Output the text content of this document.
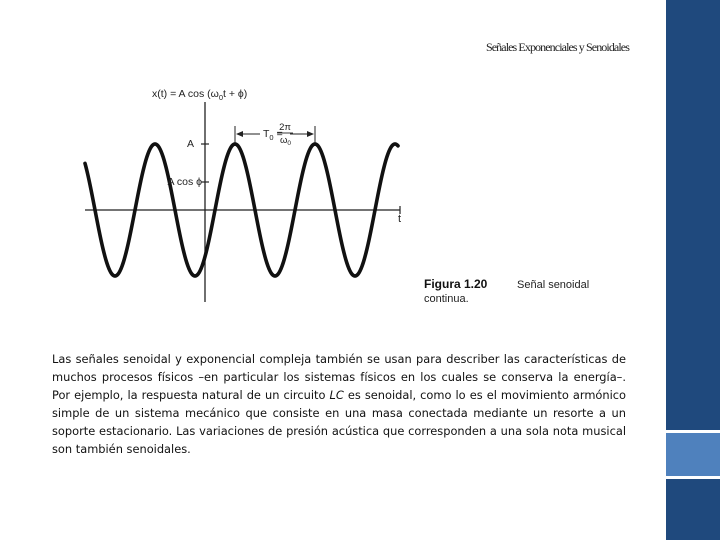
Señales Exponenciales y Senoidales
x(t) = A $\cos (\omega_0t + \phi)$
A
A cos ϕ
t
$T_0$ =
2π
$\omega_0$
Figura 1.20	Señal senoidal
continua.

Las señales senoidal y exponencial compleja también se usan para describer las características de muchos procesos físicos –en particular los sistemas físicos en los cuales se conserva la energía–. Por ejemplo, la respuesta natural de un circuito LC es senoidal, como lo es el movimiento armónico simple de un sistema mecánico que consiste en una masa conectada mediante un resorte a un soporte estacionario. Las variaciones de presión acústica que corresponden a una sola nota musical son también senoidales.
